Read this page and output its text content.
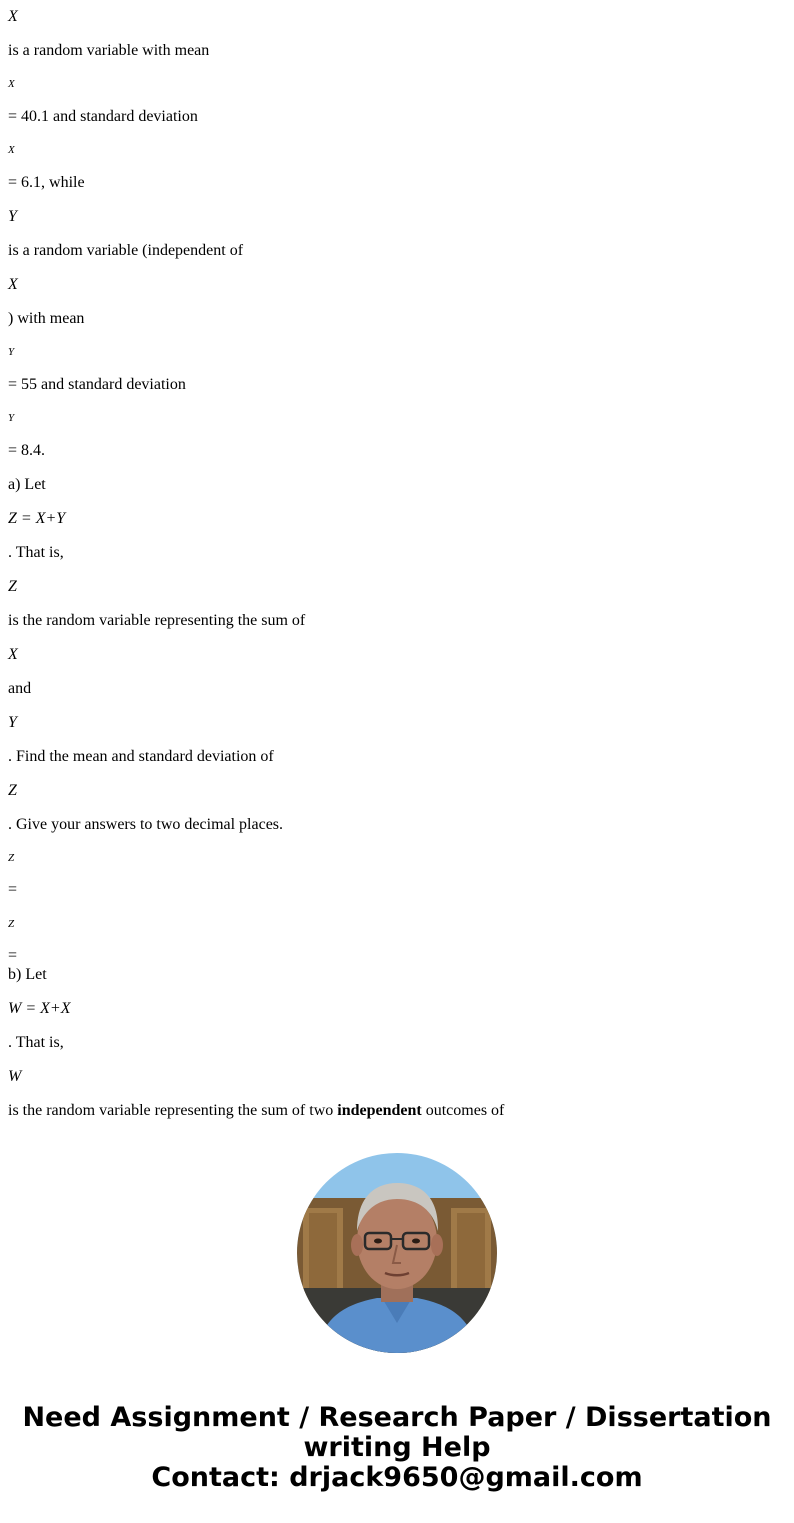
X
is a random variable with mean
X
= 40.1 and standard deviation
X
= 6.1, while
Y
is a random variable (independent of
X
) with mean
Y
= 55 and standard deviation
Y
= 8.4.
a) Let
Z = X+Y
. That is,
Z
is the random variable representing the sum of
X
and
Y
. Find the mean and standard deviation of
Z
. Give your answers to two decimal places.
Z
=
Z
=
b) Let
W = X+X
. That is,
W
is the random variable representing the sum of two independent outcomes of
Need Assignment / Research Paper / Dissertation
writing Help
Contact: drjack9650@gmail.com
